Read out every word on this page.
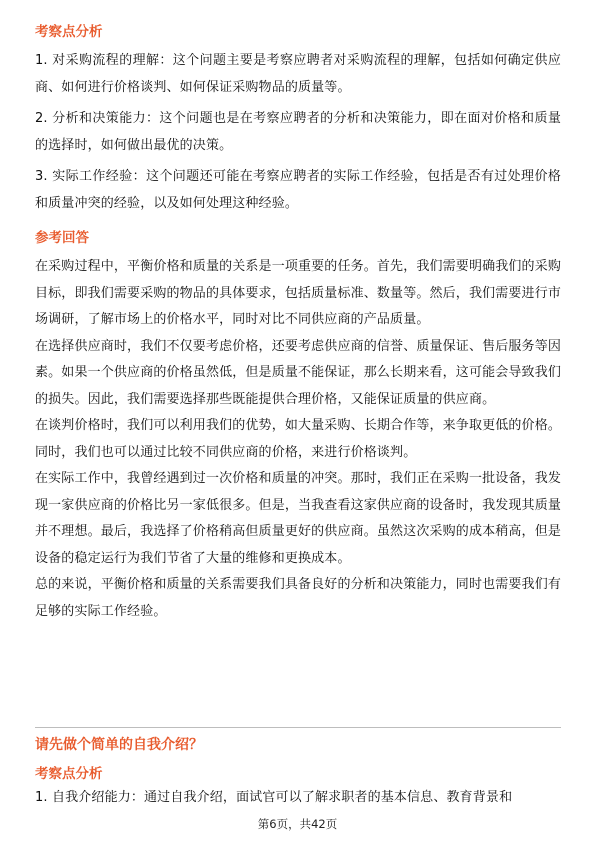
考察点分析

1. 对采购流程的理解：这个问题主要是考察应聘者对采购流程的理解，包括如何确定供应商、如何进行价格谈判、如何保证采购物品的质量等。

2. 分析和决策能力：这个问题也是在考察应聘者的分析和决策能力，即在面对价格和质量的选择时，如何做出最优的决策。

3. 实际工作经验：这个问题还可能在考察应聘者的实际工作经验，包括是否有过处理价格和质量冲突的经验，以及如何处理这种经验。

参考回答

在采购过程中，平衡价格和质量的关系是一项重要的任务。首先，我们需要明确我们的采购目标，即我们需要采购的物品的具体要求，包括质量标准、数量等。然后，我们需要进行市场调研，了解市场上的价格水平，同时对比不同供应商的产品质量。

在选择供应商时，我们不仅要考虑价格，还要考虑供应商的信誉、质量保证、售后服务等因素。如果一个供应商的价格虽然低，但是质量不能保证，那么长期来看，这可能会导致我们的损失。因此，我们需要选择那些既能提供合理价格，又能保证质量的供应商。

在谈判价格时，我们可以利用我们的优势，如大量采购、长期合作等，来争取更低的价格。同时，我们也可以通过比较不同供应商的价格，来进行价格谈判。

在实际工作中，我曾经遇到过一次价格和质量的冲突。那时，我们正在采购一批设备，我发现一家供应商的价格比另一家低很多。但是，当我查看这家供应商的设备时，我发现其质量并不理想。最后，我选择了价格稍高但质量更好的供应商。虽然这次采购的成本稍高，但是设备的稳定运行为我们节省了大量的维修和更换成本。

总的来说，平衡价格和质量的关系需要我们具备良好的分析和决策能力，同时也需要我们有足够的实际工作经验。

请先做个简单的自我介绍？
考察点分析
1. 自我介绍能力：通过自我介绍，面试官可以了解求职者的基本信息、教育背景和
第6页，共42页
